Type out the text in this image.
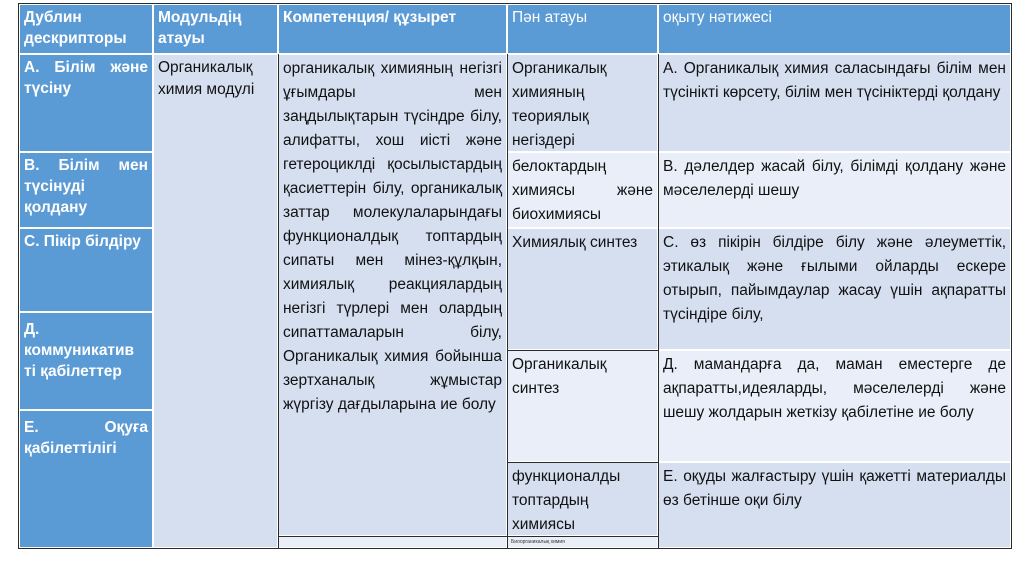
Дублин дескрипторы
Модульдің атауы
Компетенция/ құзырет	Пән атауы	оқыту нәтижесі
А. Білім және түсіну
В. Білім мен түсінуді қолдану
С. Пікір білдіру
Д. коммуникатив ті қабілеттер
Е. Оқуға қабілеттілігі
Органикалық химия модулі
органикалық химияның негізгі ұғымдары мен заңдылықтарын түсіндре білу, алифатты, хош иісті және гетероциклді қосылыстардың қасиеттерін білу, органикалық заттар молекулаларындағы функционалдық топтардың сипаты мен мінез-құлқын, химиялық реакциялардың негізгі түрлері мен олардың сипаттамаларын білу, Органикалық химия бойынша зертханалық жұмыстар жүргізу дағдыларына ие болу
Органикалық химияның теориялық негіздері
белоктардың химиясы және биохимиясы
Химиялық синтез
Органикалық синтез
функционалды топтардың химиясы
А. Органикалық химия саласындағы білім мен түсінікті көрсету, білім мен түсініктерді қолдану
В. дәлелдер жасай білу, білімді қолдану және мәселелерді шешу
С. өз пікірін білдіре білу және әлеуметтік, этикалық және ғылыми ойларды ескере отырып, пайымдаулар жасау үшін ақпаратты түсіндіре білу,
Д. мамандарға да, маман еместерге де ақпаратты,идеяларды, мәселелерді және шешу жолдарын жеткізу қабілетіне ие болу
Е. оқуды жалғастыру үшін қажетті материалды өз бетінше оқи білу
Биоорганикалық химия
